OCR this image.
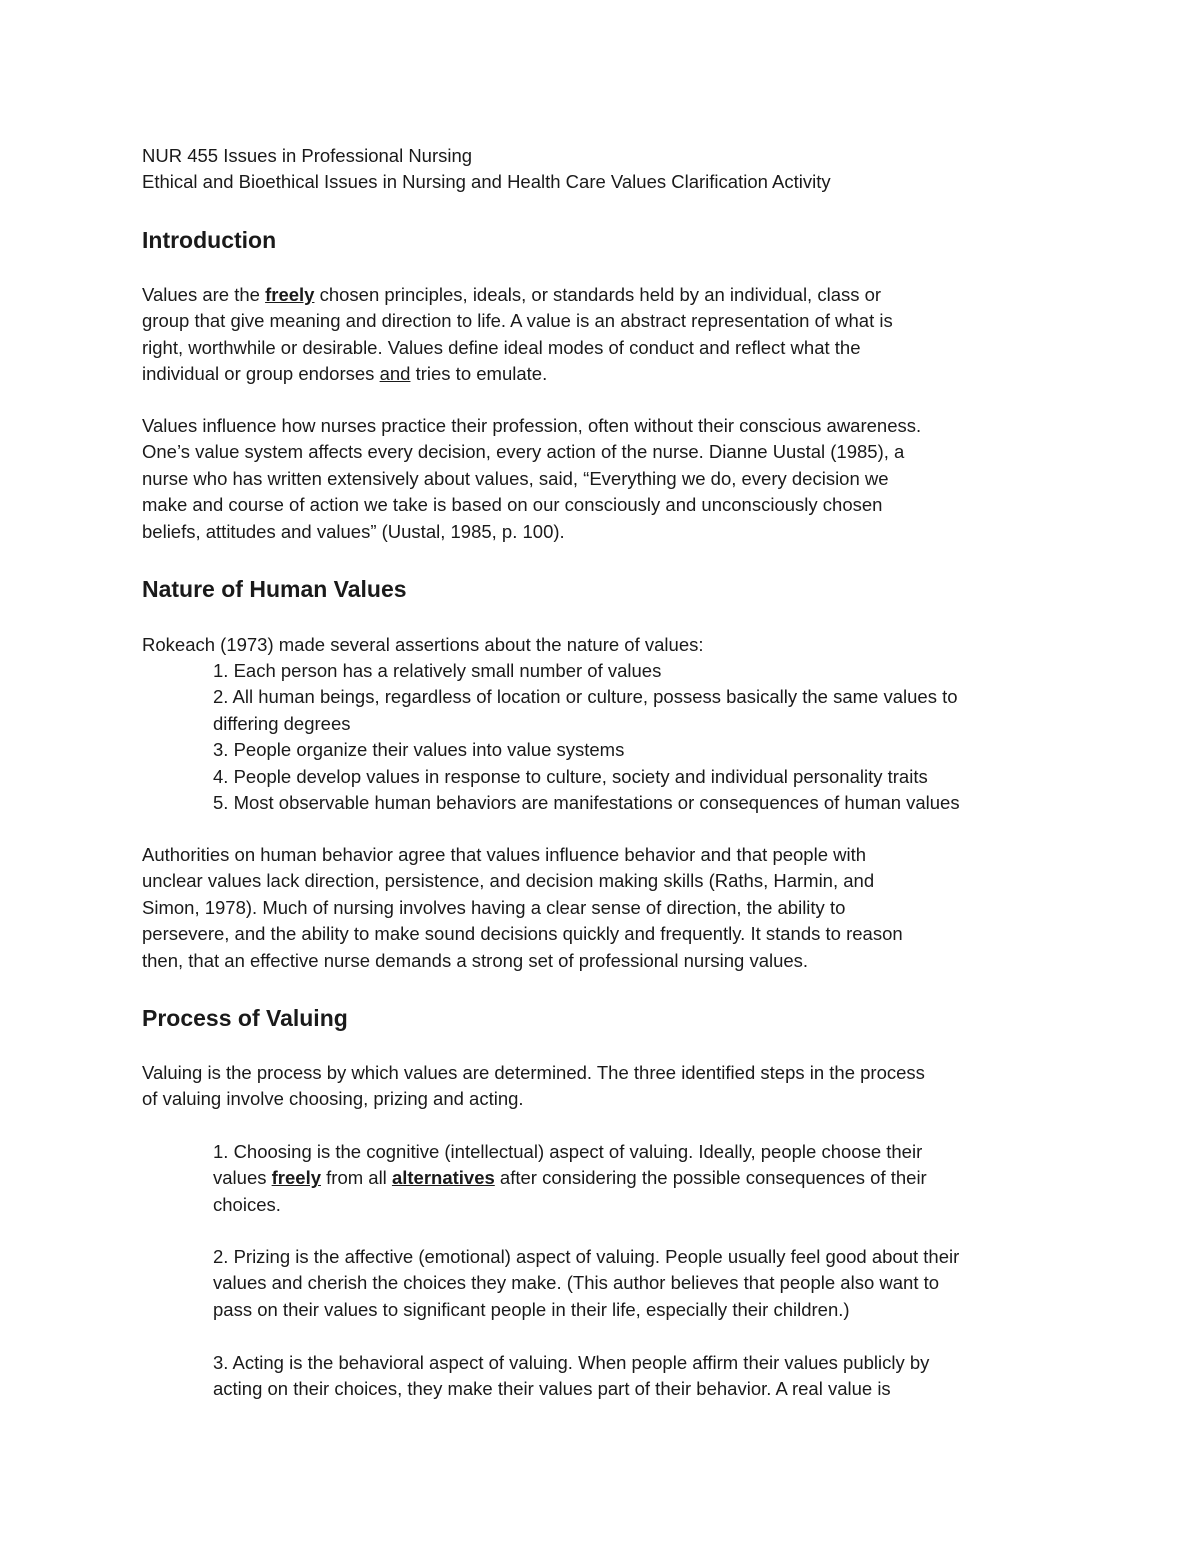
NUR 455 Issues in Professional Nursing
Ethical and Bioethical Issues in Nursing and Health Care Values Clarification Activity
Introduction
Values are the freely chosen principles, ideals, or standards held by an individual, class or
group that give meaning and direction to life. A value is an abstract representation of what is
right, worthwhile or desirable. Values define ideal modes of conduct and reflect what the
individual or group endorses and tries to emulate.
Values influence how nurses practice their profession, often without their conscious awareness.
One’s value system affects every decision, every action of the nurse. Dianne Uustal (1985), a
nurse who has written extensively about values, said, “Everything we do, every decision we
make and course of action we take is based on our consciously and unconsciously chosen
beliefs, attitudes and values” (Uustal, 1985, p. 100).
Nature of Human Values
Rokeach (1973) made several assertions about the nature of values:
1. Each person has a relatively small number of values
2. All human beings, regardless of location or culture, possess basically the same values to
differing degrees
3. People organize their values into value systems
4. People develop values in response to culture, society and individual personality traits
5. Most observable human behaviors are manifestations or consequences of human values
Authorities on human behavior agree that values influence behavior and that people with
unclear values lack direction, persistence, and decision making skills (Raths, Harmin, and
Simon, 1978). Much of nursing involves having a clear sense of direction, the ability to
persevere, and the ability to make sound decisions quickly and frequently. It stands to reason
then, that an effective nurse demands a strong set of professional nursing values.
Process of Valuing
Valuing is the process by which values are determined. The three identified steps in the process
of valuing involve choosing, prizing and acting.
1. Choosing is the cognitive (intellectual) aspect of valuing. Ideally, people choose their
values freely from all alternatives after considering the possible consequences of their
choices.
2. Prizing is the affective (emotional) aspect of valuing. People usually feel good about their
values and cherish the choices they make. (This author believes that people also want to
pass on their values to significant people in their life, especially their children.)
3. Acting is the behavioral aspect of valuing. When people affirm their values publicly by
acting on their choices, they make their values part of their behavior. A real value is
